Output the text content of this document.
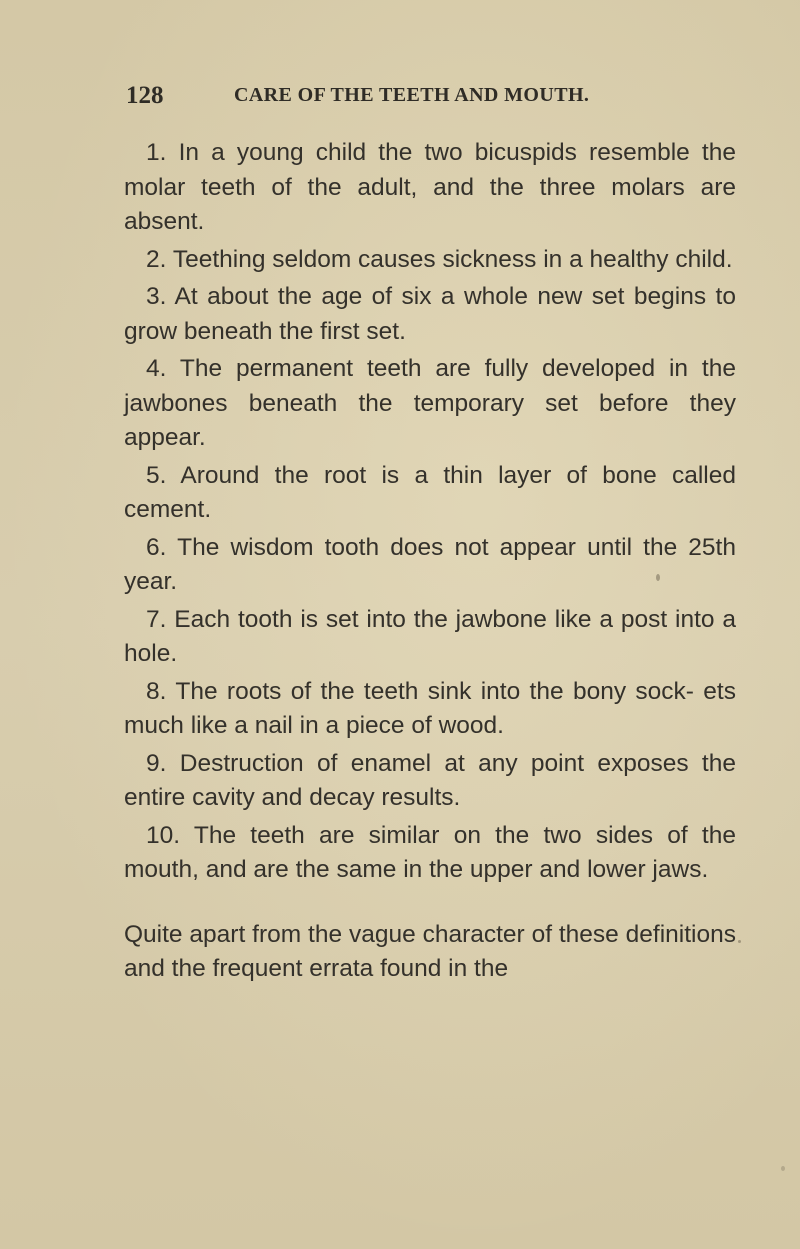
128	CARE OF THE TEETH AND MOUTH.

1. In a young child the two bicuspids resemble the molar teeth of the adult, and the three molars are absent.

2. Teething seldom causes sickness in a healthy child.

3. At about the age of six a whole new set begins to grow beneath the first set.

4. The permanent teeth are fully developed in the jawbones beneath the temporary set before they appear.

5. Around the root is a thin layer of bone called cement.

6. The wisdom tooth does not appear until the 25th year.

7. Each tooth is set into the jawbone like a post into a hole.

8. The roots of the teeth sink into the bony sock- ets much like a nail in a piece of wood.

9. Destruction of enamel at any point exposes the entire cavity and decay results.

10. The teeth are similar on the two sides of the mouth, and are the same in the upper and lower jaws.

Quite apart from the vague character of these definitions and the frequent errata found in the
